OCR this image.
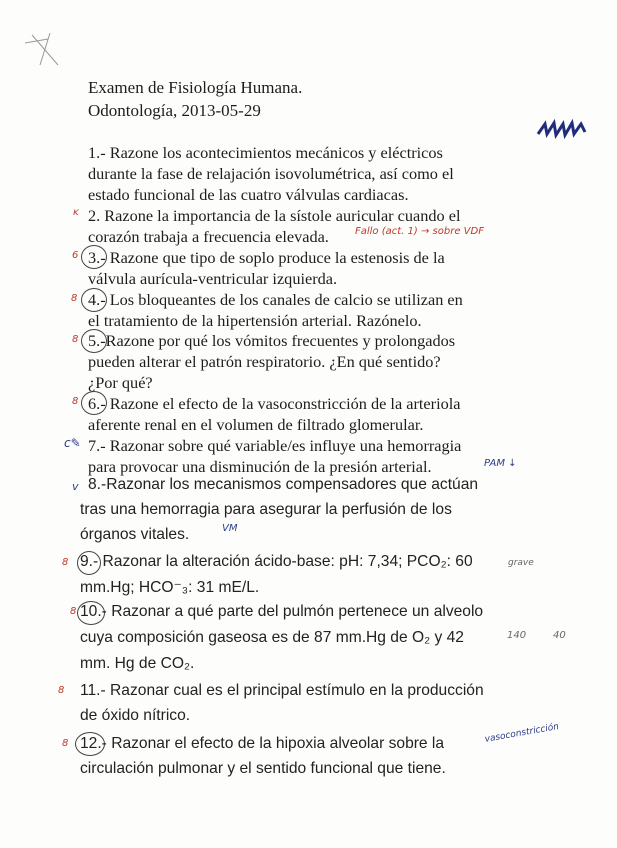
Examen de Fisiología Humana.
Odontología, 2013-05-29
1.- Razone los acontecimientos mecánicos y eléctricos
durante la fase de relajación isovolumétrica, así como el
estado funcional de las cuatro válvulas cardiacas.
ĸ 2. Razone la importancia de la sístole auricular cuando el
corazón trabaja a frecuencia elevada.	Fallo (act. 1) → sobre VDF
6 3.- Razone que tipo de soplo produce la estenosis de la
válvula aurícula-ventricular izquierda.
8 4.- Los bloqueantes de los canales de calcio se utilizan en
el tratamiento de la hipertensión arterial. Razónelo.
8 5.-Razone por qué los vómitos frecuentes y prolongados
pueden alterar el patrón respiratorio. ¿En qué sentido?
¿Por qué?
8 6.- Razone el efecto de la vasoconstricción de la arteriola
aferente renal en el volumen de filtrado glomerular.
c✎ 7.- Razonar sobre qué variable/es influye una hemorragia
para provocar una disminución de la presión arterial.	PAM ↓
v 8.-Razonar los mecanismos compensadores que actúan
tras una hemorragia para asegurar la perfusión de los
órganos vitales.	VM
8 9.- Razonar la alteración ácido-base: pH: 7,34; PCO₂: 60
mm.Hg; HCO⁻₃: 31 mE/L.
grave
8 10.- Razonar a qué parte del pulmón pertenece un alveolo
cuya composición gaseosa es de 87 mm.Hg de O₂ y 42
mm. Hg de CO₂.
140	40
8 11.- Razonar cual es el principal estímulo en la producción
de óxido nítrico.
8 12.- Razonar el efecto de la hipoxia alveolar sobre la
circulación pulmonar y el sentido funcional que tiene.
vasoconstricción
